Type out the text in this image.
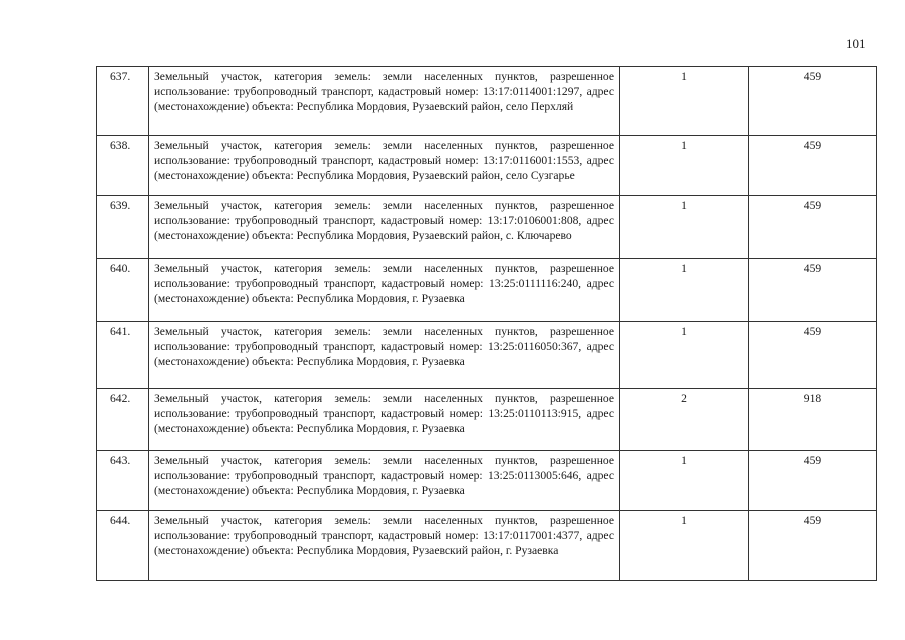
101
637.	Земельный участок, категория земель: земли населенных пунктов, разрешенное использование: трубопроводный транспорт, кадастровый номер: 13:17:0114001:1297, адрес (местонахождение) объекта: Республика Мордовия, Рузаевский район, село Перхляй	1	459
638.	Земельный участок, категория земель: земли населенных пунктов, разрешенное использование: трубопроводный транспорт, кадастровый номер: 13:17:0116001:1553, адрес (местонахождение) объекта: Республика Мордовия, Рузаевский район, село Сузгарье	1	459
639.	Земельный участок, категория земель: земли населенных пунктов, разрешенное использование: трубопроводный транспорт, кадастровый номер: 13:17:0106001:808, адрес (местонахождение) объекта: Республика Мордовия, Рузаевский район, с. Ключарево	1	459
640.	Земельный участок, категория земель: земли населенных пунктов, разрешенное использование: трубопроводный транспорт, кадастровый номер: 13:25:0111116:240, адрес (местонахождение) объекта: Республика Мордовия, г. Рузаевка	1	459
641.	Земельный участок, категория земель: земли населенных пунктов, разрешенное использование: трубопроводный транспорт, кадастровый номер: 13:25:0116050:367, адрес (местонахождение) объекта: Республика Мордовия, г. Рузаевка	1	459
642.	Земельный участок, категория земель: земли населенных пунктов, разрешенное использование: трубопроводный транспорт, кадастровый номер: 13:25:0110113:915, адрес (местонахождение) объекта: Республика Мордовия, г. Рузаевка	2	918
643.	Земельный участок, категория земель: земли населенных пунктов, разрешенное использование: трубопроводный транспорт, кадастровый номер: 13:25:0113005:646, адрес (местонахождение) объекта: Республика Мордовия, г. Рузаевка	1	459
644.	Земельный участок, категория земель: земли населенных пунктов, разрешенное использование: трубопроводный транспорт, кадастровый номер: 13:17:0117001:4377, адрес (местонахождение) объекта: Республика Мордовия, Рузаевский район, г. Рузаевка	1	459
